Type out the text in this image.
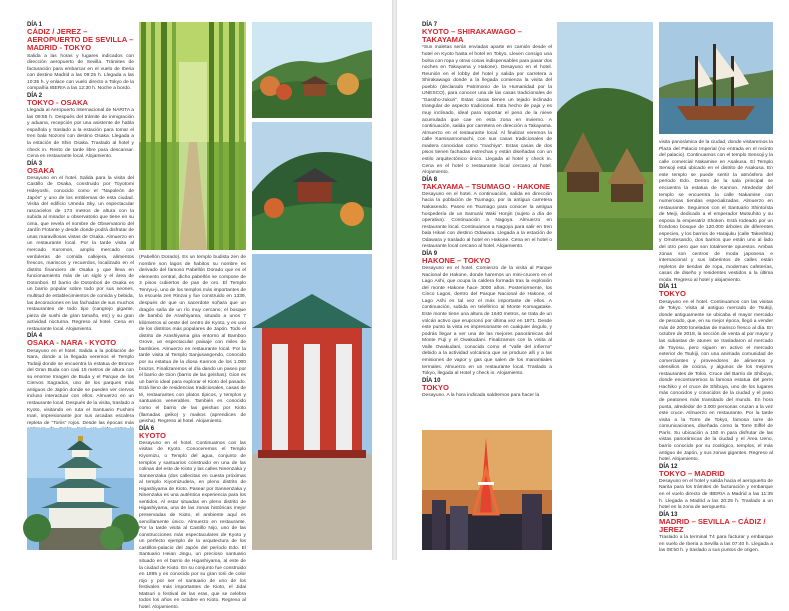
DÍA 1
CÁDIZ / JEREZ – AEROPUERTO DE SEVILLA – MADRID - TOKYO

Salida a las horas y lugares indicados con dirección aeropuerto de Sevilla. Trámites de facturación para embarcar en el vuelo de Iberia con destino Madrid a las 09:25 h. Llegada a las 10:35 h. y enlace con vuelo directo a Tokyo de la compañía IBERIA a las 12:30 h. Noche a bordo.

DÍA 2
TOKYO - OSAKA

Llegada al Aeropuerto Internacional de NARITA a las 09:55 h. Después del trámite de inmigración y aduana, recepción por una asistente de habla española y traslado a la estación para tomar el tren bala Nozomi con destino Osaka. Llegada a la estación de Shin Osaka. Traslado al hotel y check in. Resto de tarde libre para descansar. Cena en restaurante local. Alojamiento.

DÍA 3
OSAKA

Desayuno en el hotel. Salida para la visita del Castillo de Osaka, construido por Toyotomi Hideyoshi, conocido como el "Napoleón de Japón" y uno de los emblemas de esta ciudad. Visita del edificio Umeda Sky, un espectacular rascacielos de 173 metros de altura con la subida al mirador u observatorio que tiene en su cima, que revela el nombre de Observatorio del Jardín Flotante y desde donde podrá disfrutar de unas maravillosas vistas de Osaka. Almuerzo en un restaurante local. Por la tarde visita al mercado Kuromon, amplio mercado con verduleras de comida callejera, alimentos frescos, mariscos y recuerdos, localizado en el distrito financiero de Osaka y que lleva en funcionamiento más de un siglo y el área de Dotonbori. El barrio de Dotonbori de Osaka es un barrio popular sobre todo por sus neones, multitud de establecimientos de comida y bebida, las decoraciones en las fachadas de sus muchos restaurantes de todo tipo (cangrejo gigante, pieza de sushi de gran tamaño, etc) y su gran actividad nocturna. Regreso al hotel. Cena en restaurante local. Alojamiento.

DÍA 4
OSAKA - NARA - KYOTO

Desayuno en el hotel. Salida a la población de Nara, donde a la llegada veremos el Templo Todaiji donde se encuentra la estatua de Bronce del Gran Buda con casi 15 metros de altura con su enorme Imagen de Buda y el Parque de los Ciervos Sagrados, uno de los parques más antiguos de Japón donde se pueden ver ciervos incluso interactuar con ellos. Almuerzo en un restaurante local. Después de la visita, traslado a Kyoto, visitando en ruta el Santuario Fushimi Inari, impresionante por sus arcadas escalera repleta de "Toriis" rojos. Desde las épocas más

(Pabellón Dorado). Es un templo budista zen de nombre son lagos de habitos su nombre es derivado del famoso Pabellón Dorado que es el elemento central, dicho pabellón se compone de 3 pisos cubiertos de pan de oro. El Templo Tenryu-ji, uno de los templos más importantes de la escuela zen Rinzai y fue construido en 1339, después de que un sacerdote soñara que un dragón salía de un río muy cercano; el bosque de bambú de Arashiyama, situado a unos 7 kilómetros al oeste del centro de Kyoto, y es uno de los distritos más populares de Japón. Todo el distrito de Arashiyama gira entorno al Bamboo Grove, un espectacular paisaje con miles de bambúes. Almuerzo en restaurante local. Por la tarde visita al Templo Sanjusangendo, conocido por su estatua de la diosa Kannon de los 1.000 brazos. Finalizaremos el día dando un paseo por el barrio de Gion (barrio de las geishas). Gion es un barrio ideal para explorar el Kioto del pasado. Está lleno de residencias tradicionales, casas de té, restaurantes con platos típicos, y templos y santuarios venerables. También es conocido como el barrio de las geishas por Kioto (llamadas geiko) y maikos (aprendices de geisha). Regreso al hotel. Alojamiento.

DÍA 6
KYOTO

Desayuno en el hotel. Continuamos con las visitas de Kyoto. Conoceremos el Templo Kiyomizu, o Templo del agua, conjunto de templos y santuarios construido en una de las colinas del este de Kioto y las calles Ninenzaka y Sannenzaka (dos callecitas en cuesta próximas al templo Kiyomizudera, en pleno distrito de Higashiyama de Kioto. Pasear por Sannenzaka y Ninenzaka es una auténtica experiencia para los sentidos. Al estar situadas en pleno distrito de Higashiyama, una de las zonas históricas mejor preservadas de Kioto, el ambiente aquí es sencillamente único. Almuerzo en restaurante. Por la tarde visita al Castillo Nijo, uno de las construcciones más espectaculares de Kyoto y un perfecto ejemplo de la arquitectura de los castillos-palacio del Japón del período Edo. El Santuario Heian Jingu, un precioso santuario situado en el barrio de Higashiyama, al este de la ciudad de Kioto. En su conjunto fue construido en 1895 y es conocido por su gran torii de color rojo y por ser el santuario de uno de los festivales más importantes de Kioto, el Jidai Matsuri o festival de las eras, que se celebra todos los años en octubre en Kioto. Regreso al hotel. Alojamiento.

DÍA 7
KYOTO – SHIRAKAWAGO – TAKAYAMA

*Sus maletas serán enviadas aparte en camión desde el hotel en Kyoto hasta el hotel en Tokyo. Lleven consigo una bolsa con ropa y otras cosas indispensables para pasar dos noches en Takayama y Hakone). Desayuno en el hotel. Reunión en el lobby del hotel y salida por carretera a Shirakawago donde a la llegada comienza la visita del pueblo (declarado Patrimonio de la Humanidad por la UNESCO), para conocer una de las casas tradicionales de "Gassho-zukuri". Estas casas tienen un tejado inclinado triangular de aspecto tradicional. Esta hecho de paja y es muy inclinado, ideal para soportar el peso de la nieve acumulada que cae en esta zona en invierno. A continuación, salida por carretera en dirección a Takayama. Almuerzo en el restaurante local. Al finalizar veremos la calle Kamisannomachi, con sus casas tradicionales de madera conocidas como "machiya". Estas casas de dos pisos tienen fachadas estrechas y están diseñadas con un estilo arquitectónico único. Llegada al hotel y check in. Cena en el hotel o restaurante local cercano al hotel. Alojamiento.

DÍA 8
TAKAYAMA – TSUMAGO - HAKONE

Desayuno en el hotel. A continuación, salida en dirección hacia la población de Tsumago, por la antigua carretera Nakasendo. Paseo en Tsumago para conocer la antigua hospedería de un Samurái Waki Honjin (sujeto a día de operativa). Continuación a Nagoya. Almuerzo en restaurante local. Continuamos a Nagoya para salir en tren bala Hikari con destino Odawara. Llegada a la estación de Odawara y traslado al hotel en Hakone. Cena en el hotel o restaurante local cercano al hotel. Alojamiento.

DÍA 9
HAKONE – TOKYO

Desayuno en el hotel. Comienzo de la visita al Parque Nacional de Hakone, donde haremos un mini-crucero en el Lago Ashi, que ocupa la caldera formada tras la explosión del monte Hakone hace 3000 años. Posteriormente, los Cinco Lagos, dentro del Parque Nacional de Hakone, el Lago Ashi es tal vez el más importante de ellos. A continuación, subida en teleférico al Monte Komagatake. Este monte tiene una altura de 1640 metros, se trata de un volcán activo que erupcionó por última vez en 1971. Desde este punto la vista es impresionante en cualquier ángulo, y podrás llegar a ver una de las mejores panorámicas del Monte Fuji y el Owakudani. Finalizamos con la visita al Valle Owakudani, conocido como el "valle del infierno" debido a la actividad volcánica que se produce allí y a las emisiones de vapor y gas que salen de los manantiales termales. Almuerzo en un restaurante local. Traslado a Tokyo, llegada al Hotel y check in. Alojamiento.

DÍA 10
TOKYO

Desayuno. A la hora indicada saldremos para hacer la

visita panorámica de la ciudad, donde visitaremos la Plaza del Palacio Imperial (no entrada en el recinto del palacio). Continuamos con el templo Sensoji y la calle comercial Nakamise en Asakusa. El Templo Sensoji está ubicado en el distrito de Asakusa. En este templo se puede sentir la atmósfera del período Edo. Dentro de la sala principal se encuentra la estatua de Kannon. Alrededor del templo se encuentra la calle Nakamise con numerosas tiendas especializadas. Almuerzo en restaurante. Seguimos con el Santuario Shintoísta de Meiji, dedicado a el emperador Mutsuhito y su esposa la emperatriz Shoken. Está rodeado por un frondoso bosque de 120.000 árboles de diferentes especies, y los barrios de Harajuku (calle Takeshita) y Omotesando, dos barrios que están uno al lado del otro pero que son totalmente opuestos. Ambas zonas son centros de moda japonesa e internacional y sus laberintos de calles están repletos de tiendas de ropa, modernas cafeterías, casas de diseño y residentes vestidos a la última moda. Regreso al hotel y alojamiento.

DÍA 11
TOKYO

Desayuno en el hotel. Continuamos con las visitas de Tokyo. Visita al antiguo mercado de Tsukiji, donde antiguamente se ubicaba el mayor mercado de pescado, que, en su mejor época, llegó a vender más de 2000 toneladas de marisco fresco al día. En octubre de 2018, la sección de venta al por mayor y las subastas de atunes se trasladaron al mercado de Toyosu, pero siguen en activo el mercado exterior de Tsukiji, con una animada comunidad de comerciantes y proveedores de alimentos y utensilios de cocina, y algunos de los mejores restaurantes de Tokio. Cruce del Barrio de Shibuya, donde encontraremos la famosa estatua del perro Hachiko y el cruce de Shibuya, uno de los lugares más conocidos y conocidos de la ciudad y el paso de peatones más transitado del mundo. En hora punta, alrededor de 3.000 personas cruzan a la vez este cruce. Almuerzo en restaurante. Por la tarde visita a la Torre de Tokyo, famosa torre de comunicaciones, diseñada como la Torre Eiffel de París. Su ubicación a 150 m para disfrutar de las vistas panorámicas de la ciudad y el Área Ueno, barrio conocido por su zoológico, templos, el más antiguo de Japón, y sus zonas gigantes. Regreso al hotel. Alojamiento.

DÍA 12
TOKYO – MADRID

Desayuno en el hotel y salida hacia el aeropuerto de Narita para los trámites de facturación y embarque en el vuelo directo de IBERIA a Madrid a las 11:35 h. Llegada a Madrid a las 20:25 h. Traslado a un hotel en la zona de aeropuerto.

DÍA 13
MADRID – SEVILLA – CÁDIZ / JEREZ

Traslado a la terminal T4 para facturar y embarque en vuelo de Iberia a Sevilla a las 07:40 h. Llegada a las 08:50 h. y traslado a sus puntos de origen.
